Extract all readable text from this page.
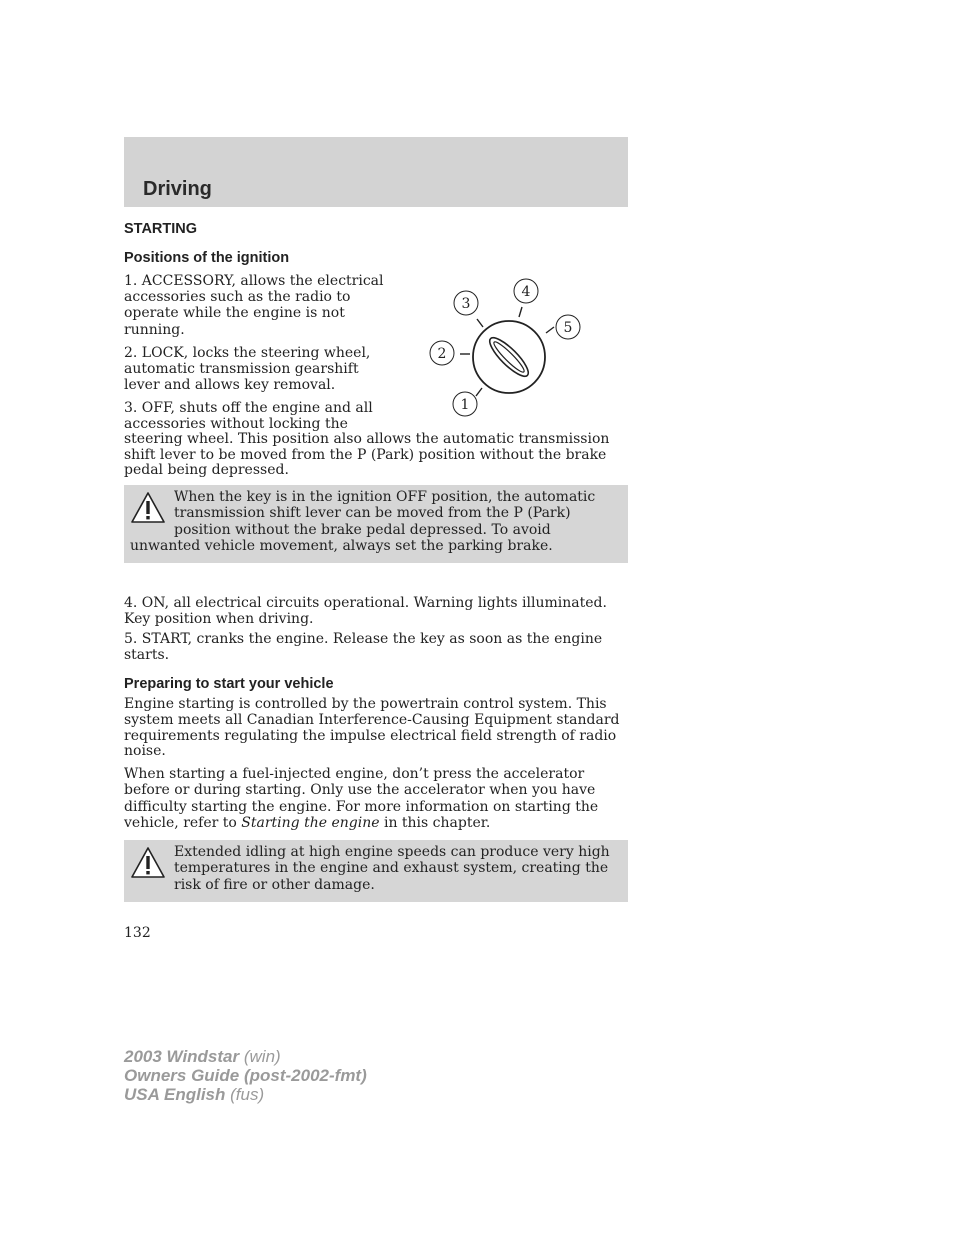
Driving
STARTING
Positions of the ignition

1. ACCESSORY, allows the electrical accessories such as the radio to operate while the engine is not running.

2. LOCK, locks the steering wheel, automatic transmission gearshift lever and allows key removal.

3. OFF, shuts off the engine and all

accessories without locking the

steering wheel. This position also allows the automatic transmission shift lever to be moved from the P (Park) position without the brake pedal being depressed.

1
2
3
4
5
When the key is in the ignition OFF position, the automatic transmission shift lever can be moved from the P (Park) position without the brake pedal depressed. To avoid unwanted vehicle movement, always set the parking brake.

4. ON, all electrical circuits operational. Warning lights illuminated. Key position when driving.

5. START, cranks the engine. Release the key as soon as the engine starts.

Preparing to start your vehicle

Engine starting is controlled by the powertrain control system. This system meets all Canadian Interference-Causing Equipment standard requirements regulating the impulse electrical field strength of radio noise.

When starting a fuel-injected engine, don’t press the accelerator before or during starting. Only use the accelerator when you have difficulty starting the engine. For more information on starting the vehicle, refer to Starting the engine in this chapter.

Extended idling at high engine speeds can produce very high temperatures in the engine and exhaust system, creating the risk of fire or other damage.
132
2003 Windstar (win)
Owners Guide (post-2002-fmt)
USA English (fus)
